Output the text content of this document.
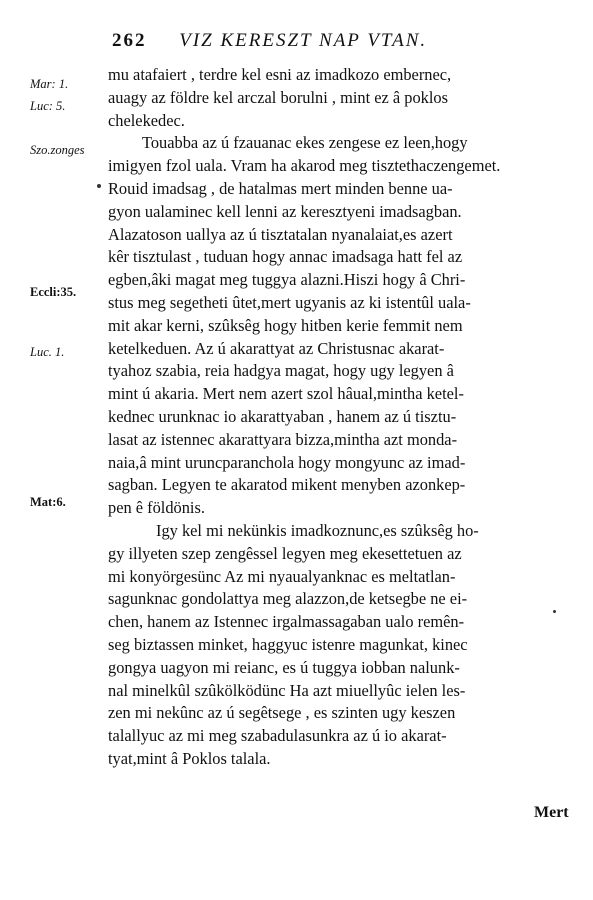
262 VIZ KERESZT NAP VTAN.
Mar: 1.
Luc: 5.
Szo.zonges
Eccli:35.
Luc. 1.
Mat:6.
mu atafaiert , terdre kel esni az imadkozo embernec,
auagy az földre kel arczal borulni , mint ez â poklos
chelekedec.
Touabba az ú fzauanac ekes zengese ez leen,hogy
imigyen fzol uala. Vram ha akarod meg tisztethaczengemet.
Rouid imadsag , de hatalmas mert minden benne ua-
gyon ualaminec kell lenni az keresztyeni imadsagban.
Alazatoson uallya az ú tisztatalan nyanalaiat,es azert
kêr tisztulast , tuduan hogy annac imadsaga hatt fel az
egben,âki magat meg tuggya alazni.Hiszi hogy â Chri-
stus meg segetheti ûtet,mert ugyanis az ki istentûl uala-
mit akar kerni, szûksêg hogy hitben kerie femmit nem
ketelkeduen. Az ú akarattyat az Christusnac akarat-
tyahoz szabia, reia hadgya magat, hogy ugy legyen â
mint ú akaria. Mert nem azert szol hâual,mintha ketel-
kednec urunknac io akarattyaban , hanem az ú tisztu-
lasat az istennec akarattyara bizza,mintha azt monda-
naia,â mint uruncparanchola hogy mongyunc az imad-
sagban. Legyen te akaratod mikent menyben azonkep-
pen ê földönis.
Igy kel mi nekünkis imadkoznunc,es szûksêg ho-
gy illyeten szep zengêssel legyen meg ekesettetuen az
mi konyörgesünc Az mi nyaualyanknac es meltatlan-
sagunknac gondolattya meg alazzon,de ketsegbe ne ei-
chen, hanem az Istennec irgalmassagaban ualo remên-
seg biztassen minket, haggyuc istenre magunkat, kinec
gongya uagyon mi reianc, es ú tuggya iobban nalunk-
nal minelkûl szûkölködünc Ha azt miuellyûc ielen les-
zen mi nekûnc az ú segêtsege , es szinten ugy keszen
talallyuc az mi meg szabadulasunkra az ú io akarat-
tyat,mint â Poklos talala.
Mert
